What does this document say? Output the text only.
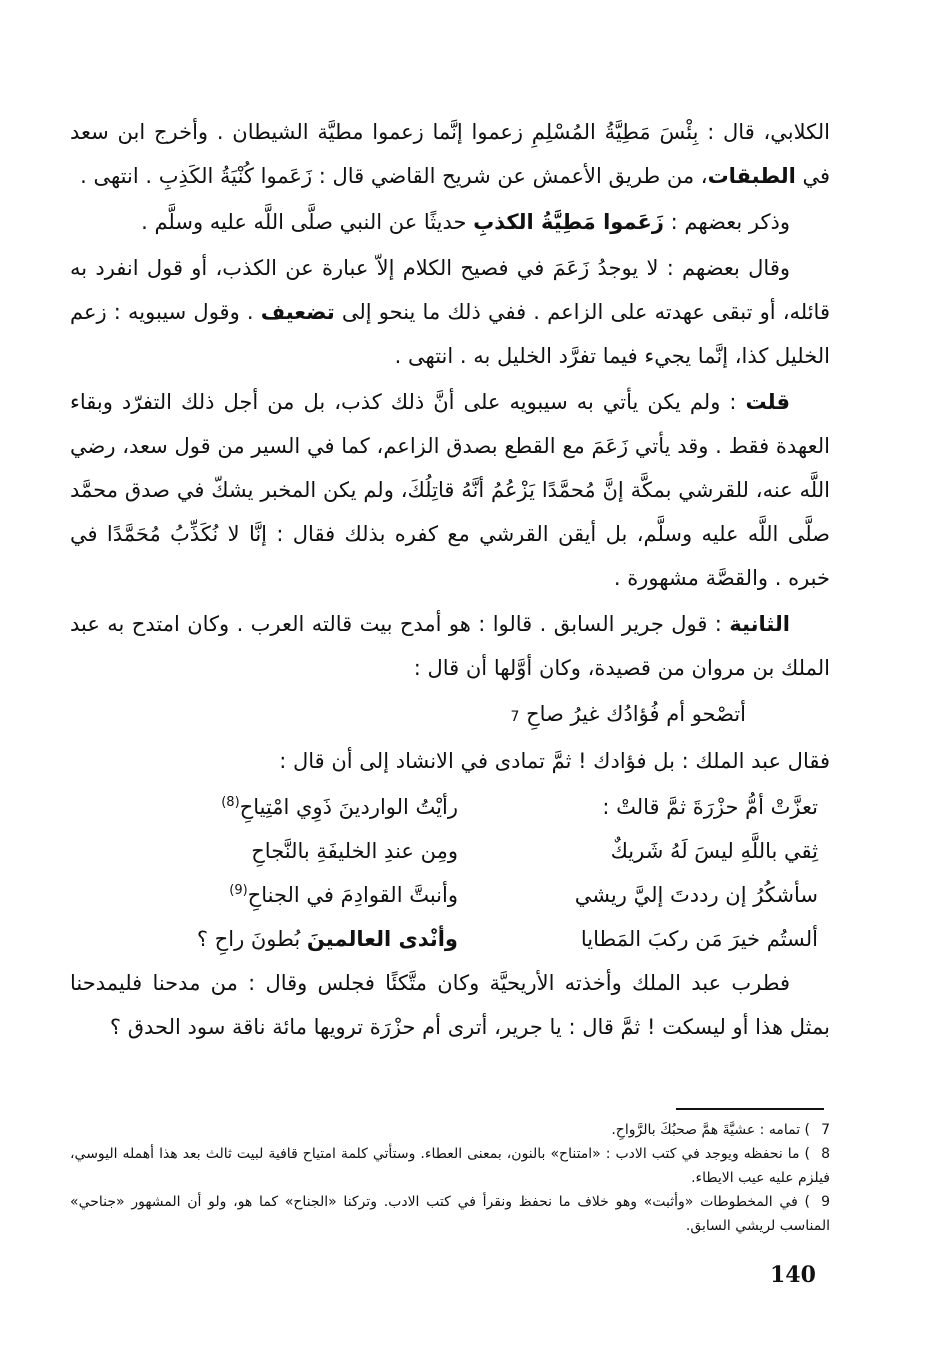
الكلابي، قال : بِئْسَ مَطِيَّةُ المُسْلِمِ زعموا إنَّما زعموا مطيَّة الشيطان . وأخرج ابن سعد في الطبقات، من طريق الأعمش عن شريح القاضي قال : زَعَموا كُنْيَةُ الكَذِبِ . انتهى .

وذكر بعضهم : زَعَموا مَطِيَّةُ الكذبِ حديثًا عن النبي صلَّى اللَّه عليه وسلَّم .

وقال بعضهم : لا يوجدُ زَعَمَ في فصيح الكلام إلاّ عبارة عن الكذب، أو قول انفرد به قائله، أو تبقى عهدته على الزاعم . ففي ذلك ما ينحو إلى تضعيف . وقول سيبويه : زعم الخليل كذا، إنَّما يجيء فيما تفرَّد الخليل به . انتهى .

قلت : ولم يكن يأتي به سيبويه على أنَّ ذلك كذب، بل من أجل ذلك التفرّد وبقاء العهدة فقط . وقد يأتي زَعَمَ مع القطع بصدق الزاعم، كما في السير من قول سعد، رضي اللَّه عنه، للقرشي بمكَّة إنَّ مُحمَّدًا يَزْعُمُ أنَّهُ قاتِلُكَ، ولم يكن المخبر يشكّ في صدق محمَّد صلَّى اللَّه عليه وسلَّم، بل أيقن القرشي مع كفره بذلك فقال : إنَّا لا نُكَذِّبُ مُحَمَّدًا في خبره . والقصَّة مشهورة .

الثانية : قول جرير السابق . قالوا : هو أمدح بيت قالته العرب . وكان امتدح به عبد الملك بن مروان من قصيدة، وكان أوَّلها أن قال :

أتصْحو أم فُؤادُك غيرُ صاحِ 7

فقال عبد الملك : بل فؤادك ! ثمَّ تمادى في الانشاد إلى أن قال :

تعزَّتْ أمُّ حزْرَةَ ثمَّ قالتْ :		رأيْتُ الواردينَ ذَوِي امْتِياحِ$^{(8)}$
ثِقي باللَّهِ ليسَ لَهُ شَريكٌ		ومِن عندِ الخليفَةِ بالنَّجاحِ
سأشكُرُ إن رددتَ إليَّ ريشي		وأنبتَّ القوادِمَ في الجناحِ$^{(9)}$
ألستُم خيرَ مَن ركبَ المَطايا		وأنْدى العالمينَ بُطونَ راحِ ؟

فطرب عبد الملك وأخذته الأريحيَّة وكان متَّكئًا فجلس وقال : من مدحنا فليمدحنا بمثل هذا أو ليسكت ! ثمَّ قال : يا جرير، أترى أم حزْرَة ترويها مائة ناقة سود الحدق ؟

7) تمامه : عشيَّةَ همَّ صحبُكَ بالرَّواحِ.

8) ما نحفظه ويوجد في كتب الادب : «امتناح» بالنون، بمعنى العطاء. وستأتي كلمة امتياح قافية لبيت ثالث بعد هذا أهمله اليوسي، فيلزم عليه عيب الايطاء.

9) في المخطوطات «وأثبت» وهو خلاف ما نحفظ ونقرأ في كتب الادب. وتركنا «الجناح» كما هو، ولو أن المشهور «جناحي» المناسب لريشي السابق.

140
